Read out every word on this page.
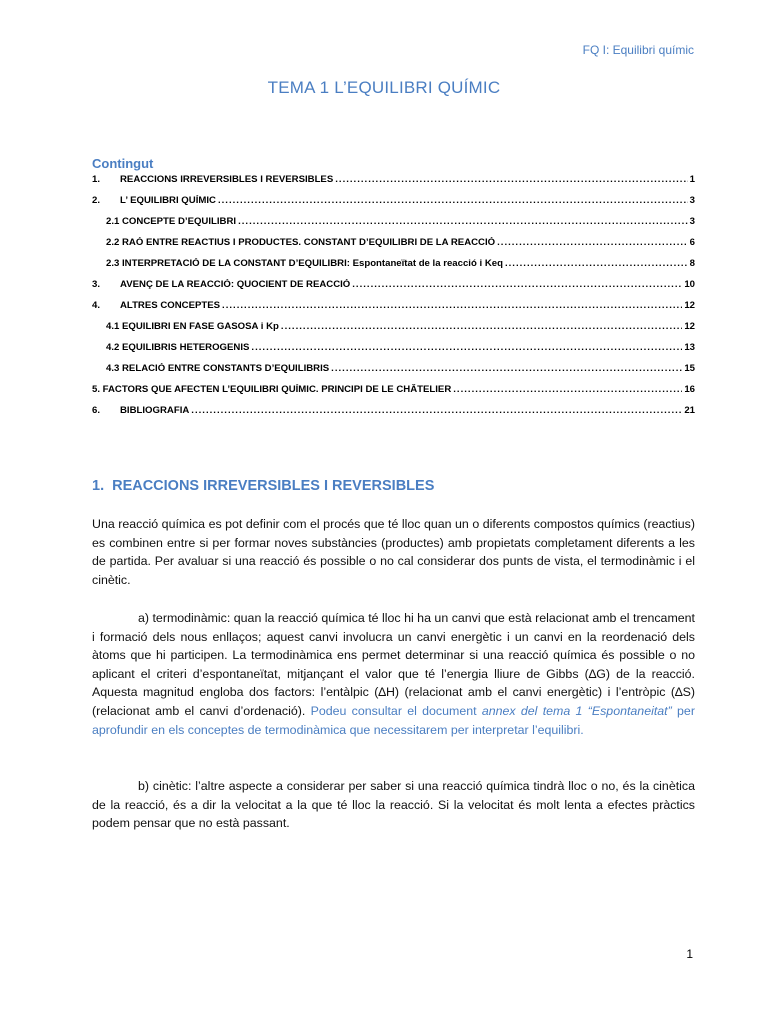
FQ I: Equilibri químic
TEMA 1 L’EQUILIBRI QUÍMIC
Contingut
1.	REACCIONS IRREVERSIBLES I REVERSIBLES .....	1
2.	L’ EQUILIBRI QUÍMIC .....	3
2.1 CONCEPTE D’EQUILIBRI .....	3
2.2 RAÓ ENTRE REACTIUS I PRODUCTES. CONSTANT D’EQUILIBRI DE LA REACCIÓ .....	6
2.3 INTERPRETACIÓ DE LA CONSTANT D’EQUILIBRI: Espontaneïtat de la reacció i Keq .....	8
3.	AVENÇ DE LA REACCIÓ: QUOCIENT DE REACCIÓ .....	10
4.	ALTRES CONCEPTES .....	12
4.1 EQUILIBRI EN FASE GASOSA i Kp .....	12
4.2 EQUILIBRIS HETEROGENIS .....	13
4.3 RELACIÓ ENTRE CONSTANTS D’EQUILIBRIS .....	15
5. FACTORS QUE AFECTEN L’EQUILIBRI QUÍMIC. PRINCIPI DE LE CHÂTELIER .....	16
6.	BIBLIOGRAFIA .....	21
1. REACCIONS IRREVERSIBLES I REVERSIBLES
Una reacció química es pot definir com el procés que té lloc quan un o diferents compostos químics (reactius) es combinen entre si per formar noves substàncies (productes) amb propietats completament diferents a les de partida. Per avaluar si una reacció és possible o no cal considerar dos punts de vista, el termodinàmic i el cinètic.
a) termodinàmic: quan la reacció química té lloc hi ha un canvi que està relacionat amb el trencament i formació dels nous enllaços; aquest canvi involucra un canvi energètic i un canvi en la reordenació dels àtoms que hi participen. La termodinàmica ens permet determinar si una reacció química és possible o no aplicant el criteri d’espontaneïtat, mitjançant el valor que té l’energia lliure de Gibbs (∆G) de la reacció. Aquesta magnitud engloba dos factors: l’entàlpic (∆H) (relacionat amb el canvi energètic) i l’entròpic (∆S) (relacionat amb el canvi d’ordenació). Podeu consultar el document annex del tema 1 “Espontaneitat” per aprofundir en els conceptes de termodinàmica que necessitarem per interpretar l’equilibri.
b) cinètic: l’altre aspecte a considerar per saber si una reacció química tindrà lloc o no, és la cinètica de la reacció, és a dir la velocitat a la que té lloc la reacció. Si la velocitat és molt lenta a efectes pràctics podem pensar que no està passant.
1
